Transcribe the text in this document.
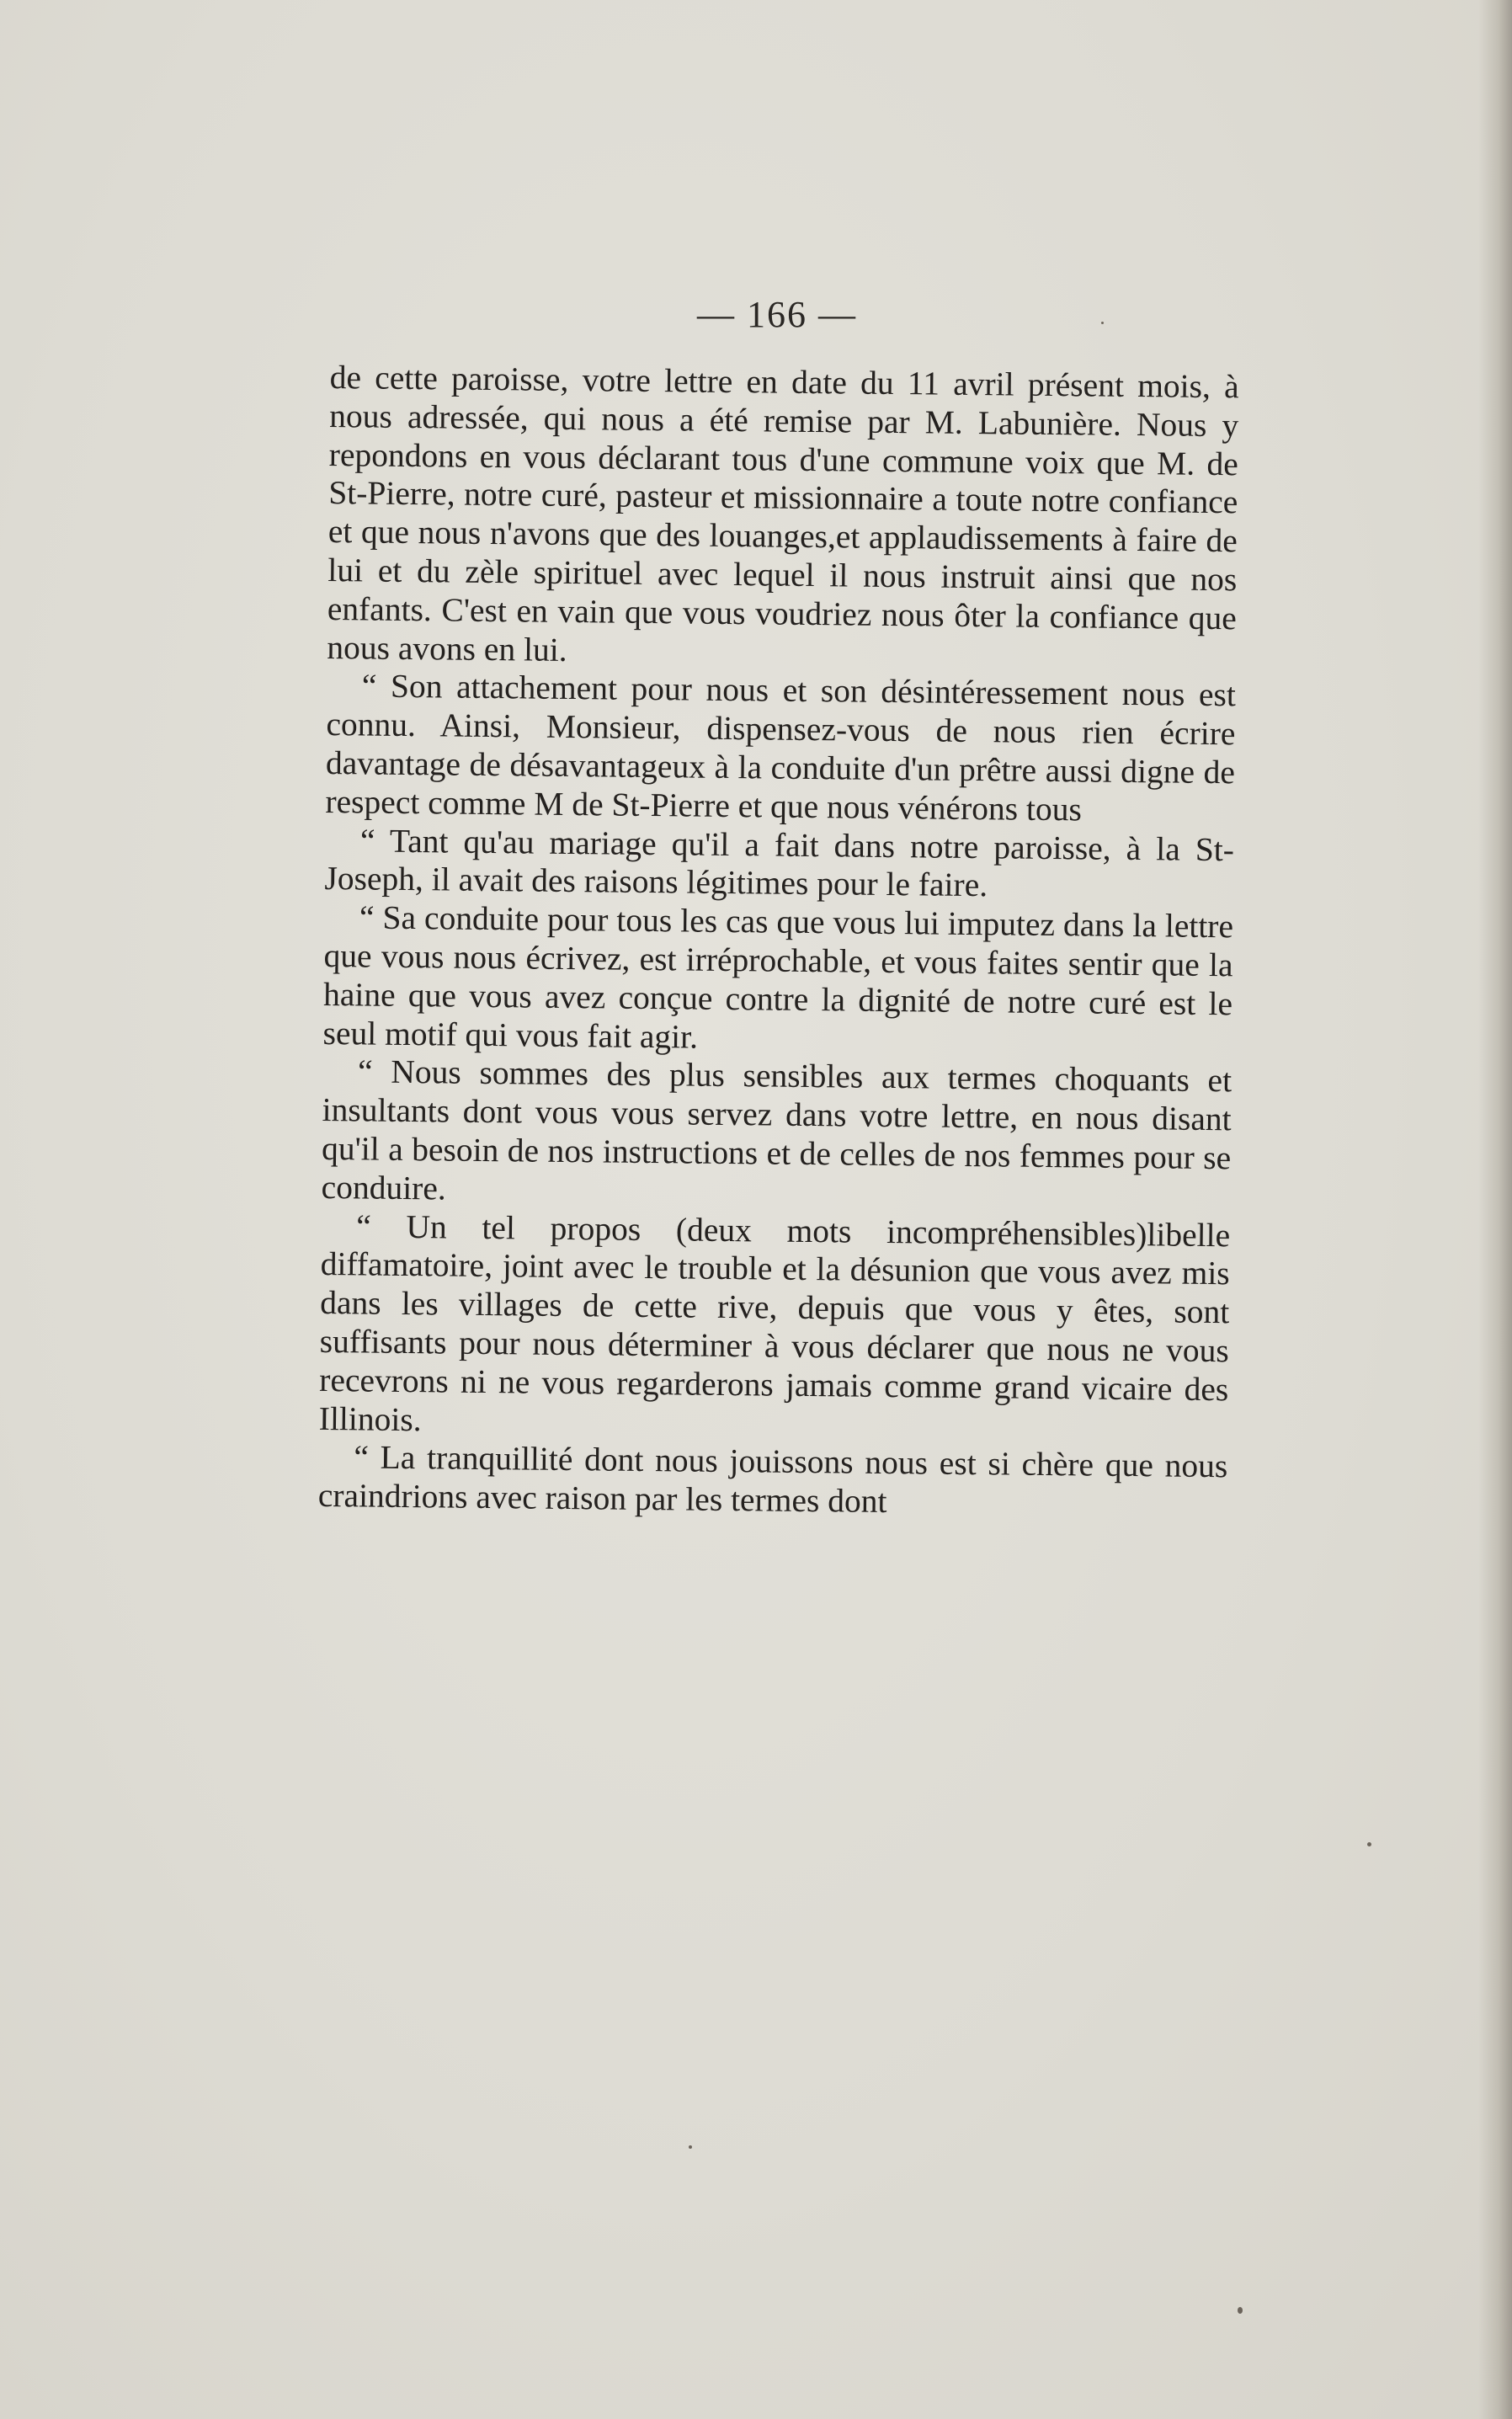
— 166 —

de cette paroisse, votre lettre en date du 11 avril présent mois, à nous adressée, qui nous a été remise par M. Labunière. Nous y repondons en vous déclarant tous d'une commune voix que M. de St-Pierre, notre curé, pasteur et missionnaire a toute notre confiance et que nous n'avons que des louanges,et applaudissements à faire de lui et du zèle spirituel avec lequel il nous instruit ainsi que nos enfants. C'est en vain que vous voudriez nous ôter la confiance que nous avons en lui.

“ Son attachement pour nous et son désintéressement nous est connu. Ainsi, Monsieur, dispensez-vous de nous rien écrire davantage de désavantageux à la conduite d'un prêtre aussi digne de respect comme M de St-Pierre et que nous vénérons tous

“ Tant qu'au mariage qu'il a fait dans notre paroisse, à la St-Joseph, il avait des raisons légitimes pour le faire.

“ Sa conduite pour tous les cas que vous lui imputez dans la lettre que vous nous écrivez, est irréprochable, et vous faites sentir que la haine que vous avez conçue contre la dignité de notre curé est le seul motif qui vous fait agir.

“ Nous sommes des plus sensibles aux termes choquants et insultants dont vous vous servez dans votre lettre, en nous disant qu'il a besoin de nos instructions et de celles de nos femmes pour se conduire.

“ Un tel propos (deux mots incompréhensibles)libelle diffamatoire, joint avec le trouble et la désunion que vous avez mis dans les villages de cette rive, depuis que vous y êtes, sont suffisants pour nous déterminer à vous déclarer que nous ne vous recevrons ni ne vous regarderons jamais comme grand vicaire des Illinois.

“ La tranquillité dont nous jouissons nous est si chère que nous craindrions avec raison par les termes dont
